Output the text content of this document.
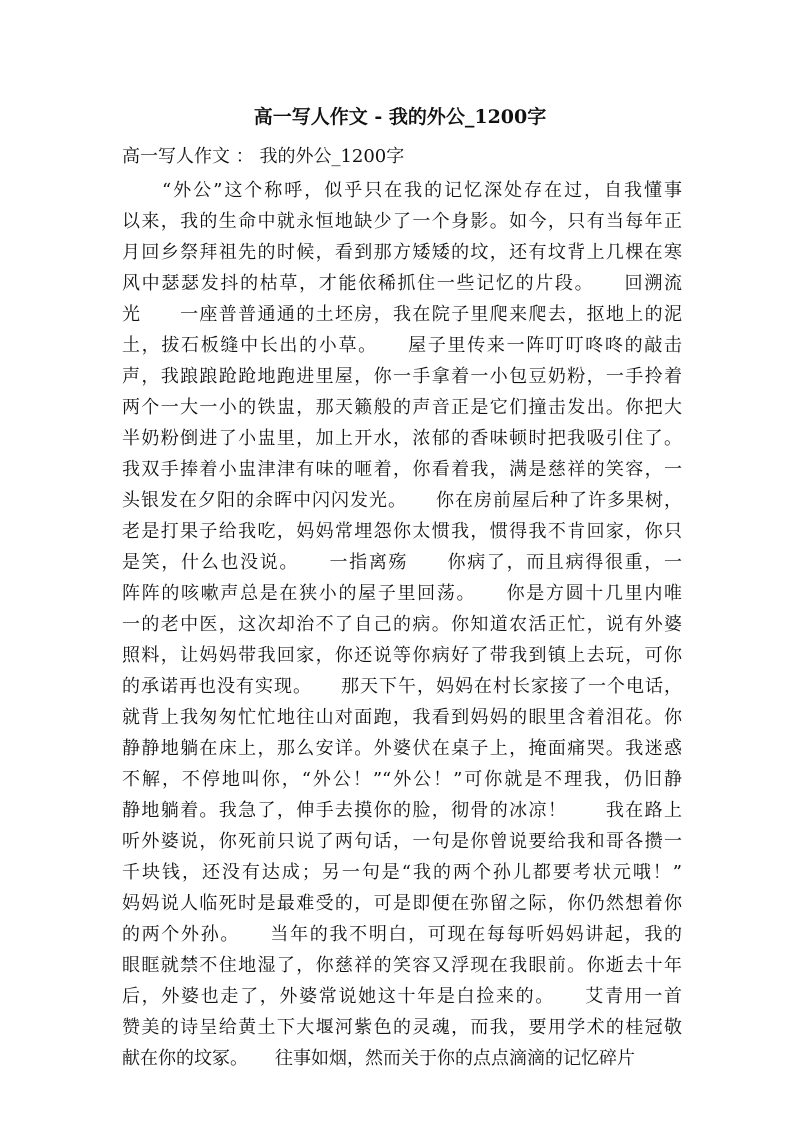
高一写人作文 - 我的外公_1200字

高一写人作文 ： 我的外公_1200字

　　“外公”这个称呼，似乎只在我的记忆深处存在过，自我懂事
以来，我的生命中就永恒地缺少了一个身影。如今，只有当每年正
月回乡祭拜祖先的时候，看到那方矮矮的坟，还有坟背上几棵在寒
风中瑟瑟发抖的枯草，才能依稀抓住一些记忆的片段。　　回溯流
光　　一座普普通通的土坯房，我在院子里爬来爬去，抠地上的泥
土，拔石板缝中长出的小草。　　屋子里传来一阵叮叮咚咚的敲击
声，我踉踉跄跄地跑进里屋，你一手拿着一小包豆奶粉，一手拎着
两个一大一小的铁盅，那天籁般的声音正是它们撞击发出。你把大
半奶粉倒进了小盅里，加上开水，浓郁的香味顿时把我吸引住了。
我双手捧着小盅津津有味的咂着，你看着我，满是慈祥的笑容，一
头银发在夕阳的余晖中闪闪发光。　　你在房前屋后种了许多果树，
老是打果子给我吃，妈妈常埋怨你太惯我，惯得我不肯回家，你只
是笑，什么也没说。　　一指离殇　　你病了，而且病得很重，一
阵阵的咳嗽声总是在狭小的屋子里回荡。　　你是方圆十几里内唯
一的老中医，这次却治不了自己的病。你知道农活正忙，说有外婆
照料，让妈妈带我回家，你还说等你病好了带我到镇上去玩，可你
的承诺再也没有实现。　　那天下午，妈妈在村长家接了一个电话，
就背上我匆匆忙忙地往山对面跑，我看到妈妈的眼里含着泪花。你
静静地躺在床上，那么安详。外婆伏在桌子上，掩面痛哭。我迷惑
不解，不停地叫你，“外公！”“外公！”可你就是不理我，仍旧静
静地躺着。我急了，伸手去摸你的脸，彻骨的冰凉！　　我在路上
听外婆说，你死前只说了两句话，一句是你曾说要给我和哥各攒一
千块钱，还没有达成；另一句是“我的两个孙儿都要考状元哦！”
妈妈说人临死时是最难受的，可是即便在弥留之际，你仍然想着你
的两个外孙。　　当年的我不明白，可现在每每听妈妈讲起，我的
眼眶就禁不住地湿了，你慈祥的笑容又浮现在我眼前。你逝去十年
后，外婆也走了，外婆常说她这十年是白捡来的。　　艾青用一首
赞美的诗呈给黄土下大堰河紫色的灵魂，而我，要用学术的桂冠敬
献在你的坟冢。　　往事如烟，然而关于你的点点滴滴的记忆碎片
